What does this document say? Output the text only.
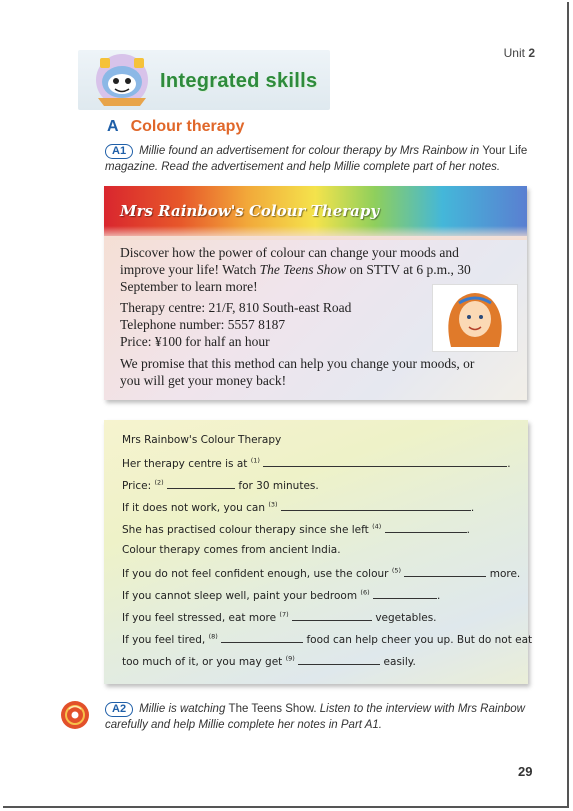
Unit 2
Integrated skills
A Colour therapy
A1 Millie found an advertisement for colour therapy by Mrs Rainbow in Your Life magazine. Read the advertisement and help Millie complete part of her notes.
Mrs Rainbow's Colour Therapy
Discover how the power of colour can change your moods and improve your life! Watch The Teens Show on STTV at 6 p.m., 30 September to learn more!
Therapy centre: 21/F, 810 South-east Road
Telephone number: 5557 8187
Price: ¥100 for half an hour
We promise that this method can help you change your moods, or you will get your money back!
Mrs Rainbow's Colour Therapy
Her therapy centre is at $^{(1)}$	.
Price: $^{(2)}$	for 30 minutes.
If it does not work, you can $^{(3)}$	.
She has practised colour therapy since she left $^{(4)}$	.
Colour therapy comes from ancient India.
If you do not feel confident enough, use the colour $^{(5)}$	more.
If you cannot sleep well, paint your bedroom $^{(6)}$	.
If you feel stressed, eat more $^{(7)}$	vegetables.
If you feel tired, $^{(8)}$	food can help cheer you up. But do not eat
too much of it, or you may get $^{(9)}$	easily.
A2 Millie is watching The Teens Show. Listen to the interview with Mrs Rainbow carefully and help Millie complete her notes in Part A1.
29
